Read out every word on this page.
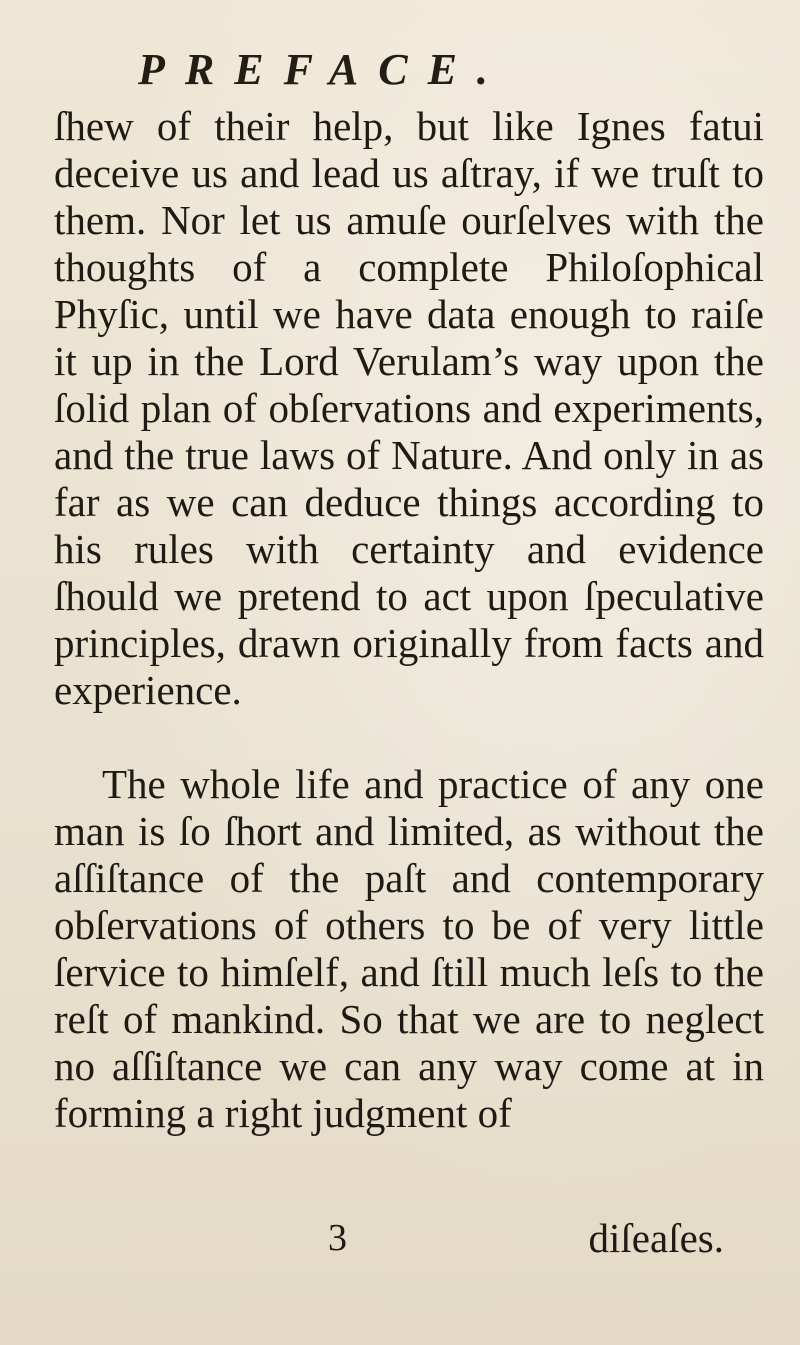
PREFACE.

ſhew of their help, but like Ignes fatui deceive us and lead us aſtray, if we truſt to them. Nor let us amuſe ourſelves with the thoughts of a complete Philoſophical Phyſic, until we have data enough to raiſe it up in the Lord Verulam’s way upon the ſolid plan of obſervations and experiments, and the true laws of Nature. And only in as far as we can deduce things according to his rules with certainty and evidence ſhould we pretend to act upon ſpeculative principles, drawn originally from facts and experience.

The whole life and practice of any one man is ſo ſhort and limited, as without the aſſiſtance of the paſt and contemporary obſervations of others to be of very little ſervice to himſelf, and ſtill much leſs to the reſt of mankind. So that we are to neglect no aſſiſtance we can any way come at in forming a right judgment of

3	diſeaſes.
